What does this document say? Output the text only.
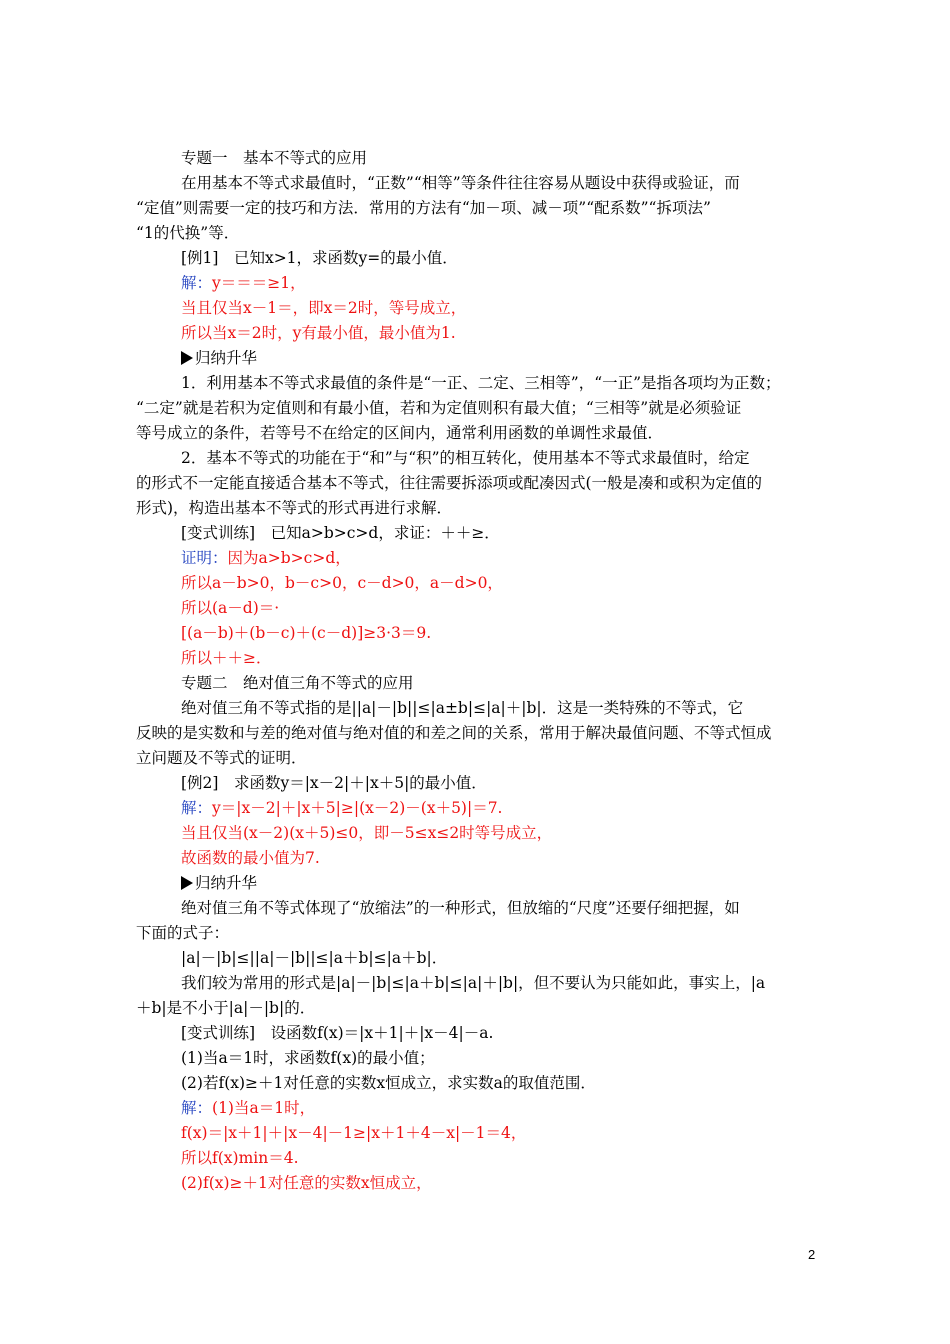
专题一　基本不等式的应用
在用基本不等式求最值时，“正数”“相等”等条件往往容易从题设中获得或验证，而
“定值”则需要一定的技巧和方法．常用的方法有“加－项、减－项”“配系数”“拆项法”
“1的代换”等．
[例1]　已知x>1，求函数y=的最小值．
解：y＝＝＝≥1，
当且仅当x－1＝，即x＝2时，等号成立，
所以当x＝2时，y有最小值，最小值为1.
归纳升华
1．利用基本不等式求最值的条件是“一正、二定、三相等”，“一正”是指各项均为正数；
“二定”就是若积为定值则和有最小值，若和为定值则积有最大值；“三相等”就是必须验证
等号成立的条件，若等号不在给定的区间内，通常利用函数的单调性求最值．
2．基本不等式的功能在于“和”与“积”的相互转化，使用基本不等式求最值时，给定
的形式不一定能直接适合基本不等式，往往需要拆添项或配凑因式(一般是凑和或积为定值的
形式)，构造出基本不等式的形式再进行求解．
[变式训练]　已知a>b>c>d，求证：＋＋≥．
证明：因为a>b>c>d，
所以a－b>0，b－c>0，c－d>0，a－d>0，
所以(a－d)＝·
[(a－b)＋(b－c)＋(c－d)]≥3·3＝9.
所以＋＋≥．
专题二　绝对值三角不等式的应用
绝对值三角不等式指的是||a|－|b||≤|a±b|≤|a|＋|b|．这是一类特殊的不等式，它
反映的是实数和与差的绝对值与绝对值的和差之间的关系，常用于解决最值问题、不等式恒成
立问题及不等式的证明．
[例2]　求函数y＝|x－2|＋|x＋5|的最小值．
解：y＝|x－2|＋|x＋5|≥|(x－2)－(x＋5)|＝7.
当且仅当(x－2)(x＋5)≤0，即－5≤x≤2时等号成立，
故函数的最小值为7.
归纳升华
绝对值三角不等式体现了“放缩法”的一种形式，但放缩的“尺度”还要仔细把握，如
下面的式子：
|a|－|b|≤||a|－|b||≤|a＋b|≤|a＋b|．
我们较为常用的形式是|a|－|b|≤|a＋b|≤|a|＋|b|，但不要认为只能如此，事实上，|a
＋b|是不小于|a|－|b|的．
[变式训练]　设函数f(x)＝|x＋1|＋|x－4|－a.
(1)当a＝1时，求函数f(x)的最小值；
(2)若f(x)≥＋1对任意的实数x恒成立，求实数a的取值范围．
解：(1)当a＝1时，
f(x)＝|x＋1|＋|x－4|－1≥|x＋1＋4－x|－1＝4，
所以f(x)min＝4.
(2)f(x)≥＋1对任意的实数x恒成立，
2
